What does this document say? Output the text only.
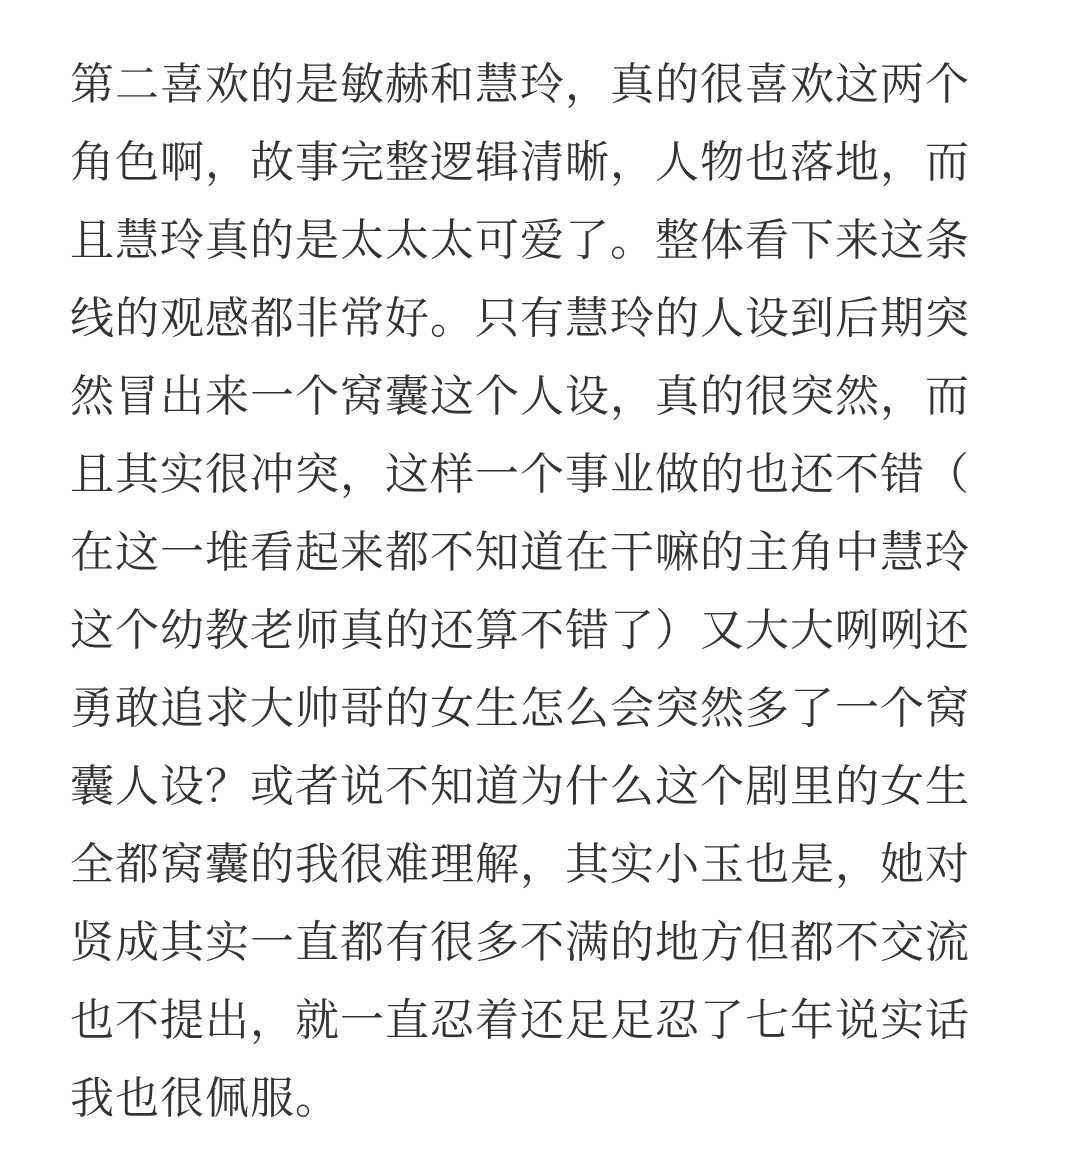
第二喜欢的是敏赫和慧玲，真的很喜欢这两个
角色啊，故事完整逻辑清晰，人物也落地，而
且慧玲真的是太太太可爱了。整体看下来这条
线的观感都非常好。只有慧玲的人设到后期突
然冒出来一个窝囊这个人设，真的很突然，而
且其实很冲突，这样一个事业做的也还不错（
在这一堆看起来都不知道在干嘛的主角中慧玲
这个幼教老师真的还算不错了）又大大咧咧还
勇敢追求大帅哥的女生怎么会突然多了一个窝
囊人设？或者说不知道为什么这个剧里的女生
全都窝囊的我很难理解，其实小玉也是，她对
贤成其实一直都有很多不满的地方但都不交流
也不提出，就一直忍着还足足忍了七年说实话
我也很佩服。
